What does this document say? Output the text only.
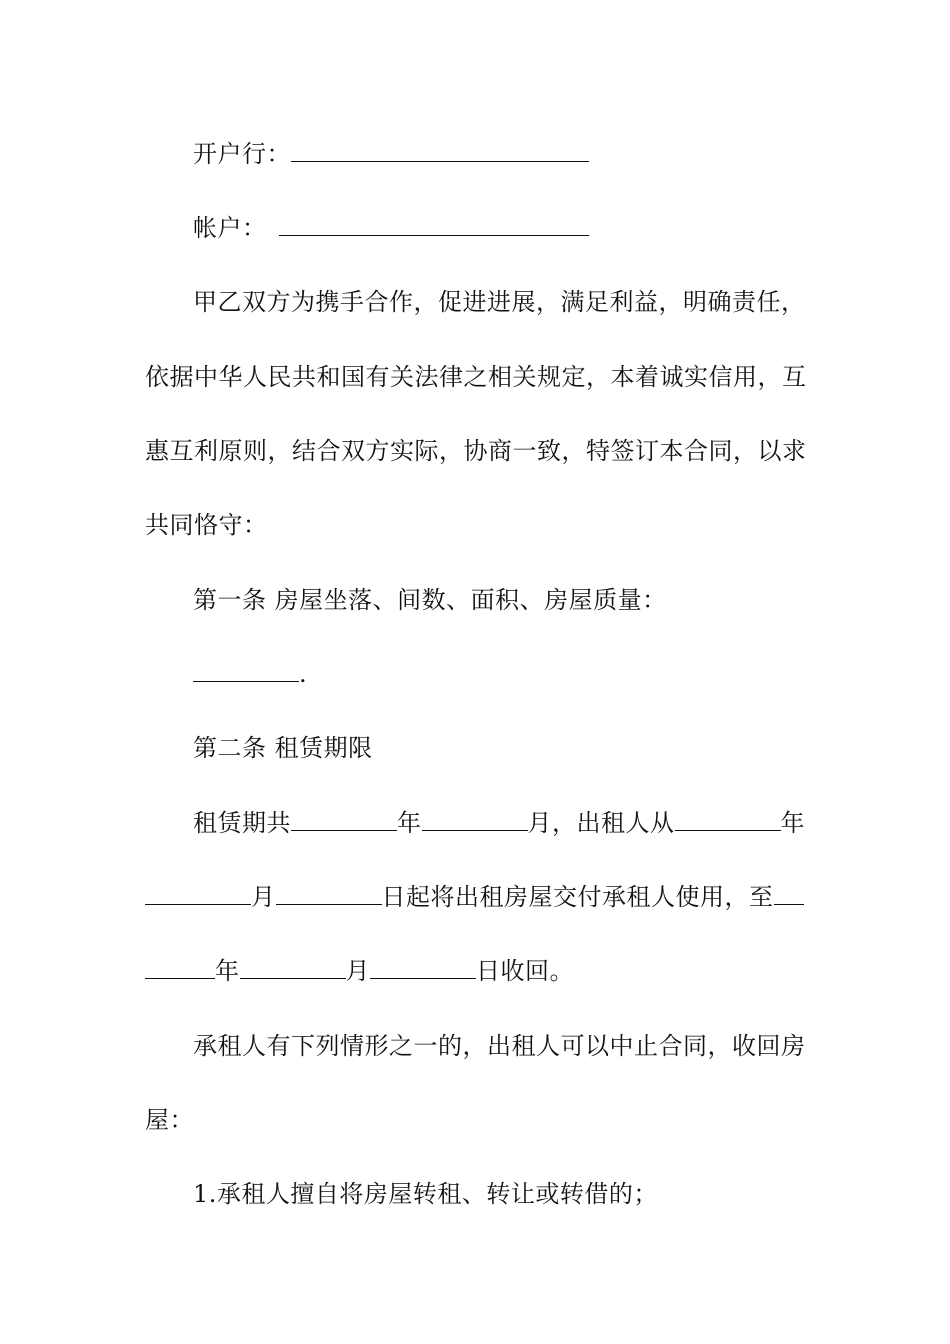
开户行：
帐户：
甲乙双方为携手合作，促进进展，满足利益，明确责任，
依据中华人民共和国有关法律之相关规定，本着诚实信用，互
惠互利原则，结合双方实际，协商一致，特签订本合同，以求
共同恪守：
第一条 房屋坐落、间数、面积、房屋质量：
.
第二条 租赁期限
租赁期共	年	月，出租人从	年
月	日起将出租房屋交付承租人使用，至
年	月	日收回。
承租人有下列情形之一的，出租人可以中止合同，收回房
屋：
1.承租人擅自将房屋转租、转让或转借的；
